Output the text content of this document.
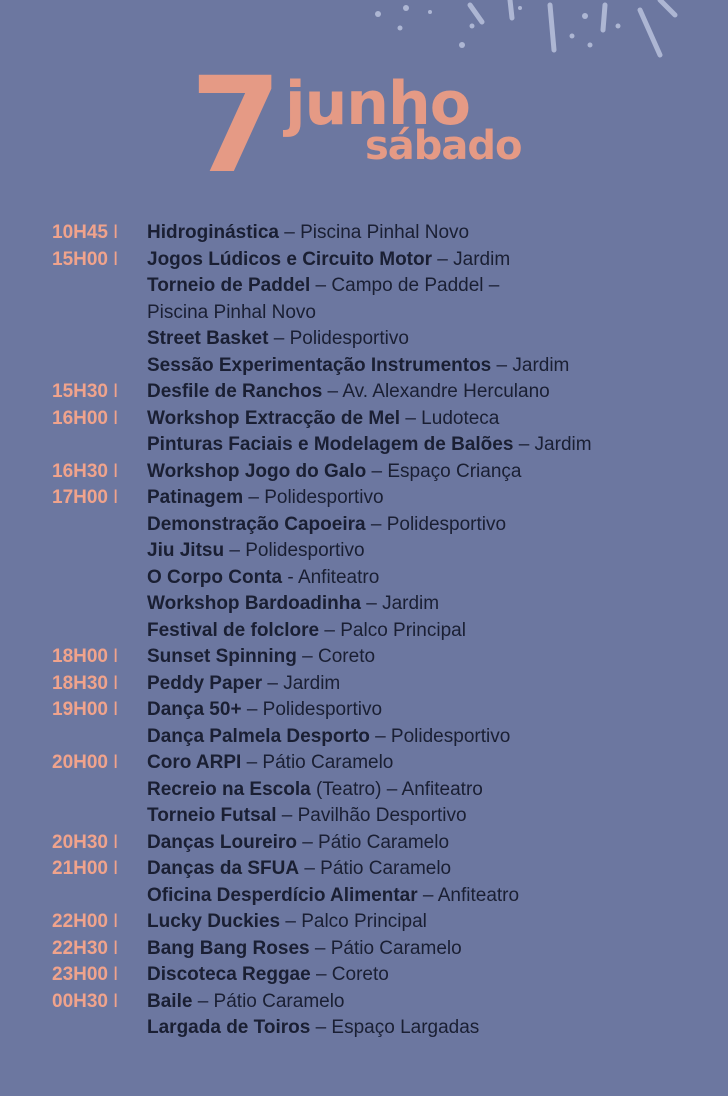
7 junho
sábado
10H45 I	Hidroginástica – Piscina Pinhal Novo
15H00 I	Jogos Lúdicos e Circuito Motor – Jardim
Torneio de Paddel – Campo de Paddel –
Piscina Pinhal Novo
Street Basket – Polidesportivo
Sessão Experimentação Instrumentos – Jardim
15H30 I	Desfile de Ranchos – Av. Alexandre Herculano
16H00 I	Workshop Extracção de Mel – Ludoteca
Pinturas Faciais e Modelagem de Balões – Jardim
16H30 I	Workshop Jogo do Galo – Espaço Criança
17H00 I	Patinagem – Polidesportivo
Demonstração Capoeira – Polidesportivo
Jiu Jitsu – Polidesportivo
O Corpo Conta - Anfiteatro
Workshop Bardoadinha – Jardim
Festival de folclore – Palco Principal
18H00 I	Sunset Spinning – Coreto
18H30 I	Peddy Paper – Jardim
19H00 I	Dança 50+ – Polidesportivo
Dança Palmela Desporto – Polidesportivo
20H00 I	Coro ARPI – Pátio Caramelo
Recreio na Escola (Teatro) – Anfiteatro
Torneio Futsal – Pavilhão Desportivo
20H30 I	Danças Loureiro – Pátio Caramelo
21H00 I	Danças da SFUA – Pátio Caramelo
Oficina Desperdício Alimentar – Anfiteatro
22H00 I	Lucky Duckies – Palco Principal
22H30 I	Bang Bang Roses – Pátio Caramelo
23H00 I	Discoteca Reggae – Coreto
00H30 I	Baile – Pátio Caramelo
Largada de Toiros – Espaço Largadas
